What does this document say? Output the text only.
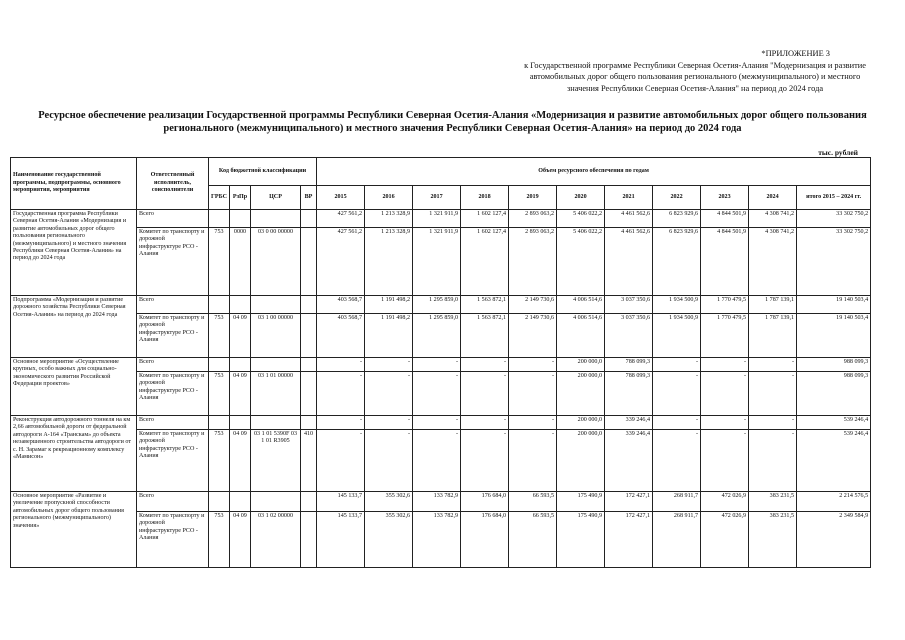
*ПРИЛОЖЕНИЕ 3
к Государственной программе Республики Северная Осетия-Алания "Модернизация и развитие
автомобильных дорог общего пользования регионального (межмуниципального) и местного
значения Республики Северная Осетия-Алания" на период до 2024 года
Ресурсное обеспечение реализации Государственной программы Республики Северная Осетия-Алания «Модернизация и развитие автомобильных дорог общего пользования
регионального (межмуниципального) и местного значения Республики Северная Осетия-Алания» на период до 2024 года
тыс. рублей
Наименование государственной программы, подпрограммы, основного мероприятия, мероприятия	Ответственный исполнитель, соисполнители	Код бюджетной классификации				Объем ресурсного обеспечения по годам										
		ГРБС	РзПр	ЦСР	ВР	2015	2016	2017	2018	2019	2020	2021	2022	2023	2024	итого 2015 – 2024 гг.
Государственная программа Республики Северная Осетия-Алания «Модернизация и развитие автомобильных дорог общего пользования регионального (межмуниципального) и местного значения Республики Северная Осетия-Алания» на период до 2024 года	Всего					427 561,2	1 213 328,9	1 321 911,9	1 602 127,4	2 893 063,2	5 406 022,2	4 461 562,6	6 823 929,6	4 844 501,9	4 308 741,2	33 302 750,2
	Комитет по транспорту и дорожной инфраструктуре РСО - Алания	753	0000	03 0 00 00000		427 561,2	1 213 328,9	1 321 911,9	1 602 127,4	2 893 063,2	5 406 022,2	4 461 562,6	6 823 929,6	4 844 501,9	4 308 741,2	33 302 750,2
Подпрограмма «Модернизация и развитие дорожного хозяйства Республики Северная Осетия-Алания» на период до 2024 года	Всего					403 568,7	1 191 498,2	1 295 859,0	1 563 872,1	2 149 730,6	4 006 514,6	3 037 350,6	1 934 500,9	1 770 479,5	1 787 139,1	19 140 503,4
	Комитет по транспорту и дорожной инфраструктуре РСО - Алания	753	04 09	03 1 00 00000		403 568,7	1 191 498,2	1 295 859,0	1 563 872,1	2 149 730,6	4 006 514,6	3 037 350,6	1 934 500,9	1 770 479,5	1 787 139,1	19 140 503,4
Основное мероприятие «Осуществление крупных, особо важных для социально-экономического развития Российской Федерации проектов»	Всего					-	-	-	-	-	200 000,0	788 099,3	-	-	-	988 099,3
	Комитет по транспорту и дорожной инфраструктуре РСО - Алания	753	04 09	03 1 01 00000		-	-	-	-	-	200 000,0	788 099,3	-	-	-	988 099,3
Реконструкция автодорожного тоннеля на км 2,66 автомобильной дороги от федеральной автодороги А-164 «Транскам» до объекта незавершенного строительства автодороги от с. Н. Зарамаг к рекреационному комплексу «Мамисон»	Всего					-	-	-	-	-	200 000,0	339 246,4	-	-	-	539 246,4
	Комитет по транспорту и дорожной инфраструктуре РСО - Алания	753	04 09	03 1 01 5390F 03 1 01 R3905	410	-	-	-	-	-	200 000,0	339 246,4	-	-	-	539 246,4
Основное мероприятие «Развитие и увеличение пропускной способности автомобильных дорог общего пользования регионального (межмуниципального) значения»	Всего					145 133,7	355 302,6	133 782,9	176 684,0	66 593,5	175 490,9	172 427,1	268 911,7	472 026,9	383 231,5	2 214 576,5
	Комитет по транспорту и дорожной инфраструктуре РСО - Алания	753	04 09	03 1 02 00000		145 133,7	355 302,6	133 782,9	176 684,0	66 593,5	175 490,9	172 427,1	268 911,7	472 026,9	383 231,5	2 349 584,9
